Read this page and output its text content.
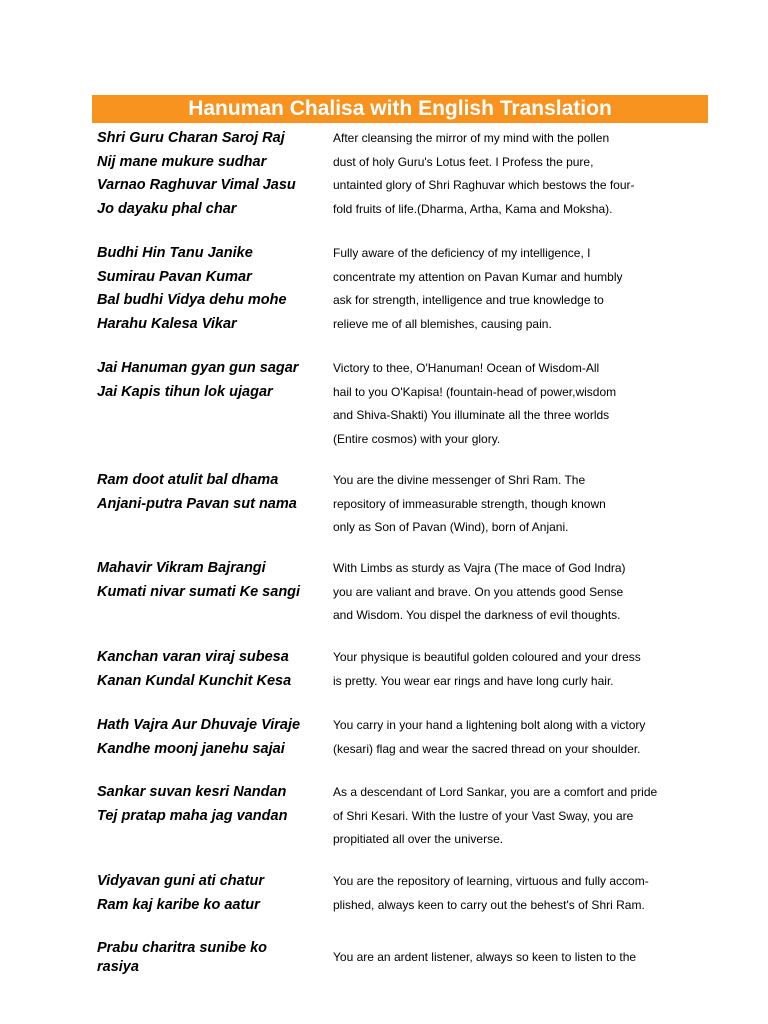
Hanuman Chalisa with English Translation
Shri Guru Charan Saroj Raj
Nij mane mukure sudhar
Varnao Raghuvar Vimal Jasu
Jo dayaku phal char
After cleansing the mirror of my mind with the pollen
dust of holy Guru's Lotus feet. I Profess the pure,
untainted glory of Shri Raghuvar which bestows the four-
fold fruits of life.(Dharma, Artha, Kama and Moksha).
Budhi Hin Tanu Janike
Sumirau Pavan Kumar
Bal budhi Vidya dehu mohe
Harahu Kalesa Vikar
Fully aware of the deficiency of my intelligence, I
concentrate my attention on Pavan Kumar and humbly
ask for strength, intelligence and true knowledge to
relieve me of all blemishes, causing pain.
Jai Hanuman gyan gun sagar
Jai Kapis tihun lok ujagar
Victory to thee, O'Hanuman! Ocean of Wisdom-All
hail to you O'Kapisa! (fountain-head of power,wisdom
and Shiva-Shakti) You illuminate all the three worlds
(Entire cosmos) with your glory.
Ram doot atulit bal dhama
Anjani-putra Pavan sut nama
You are the divine messenger of Shri Ram. The
repository of immeasurable strength, though known
only as Son of Pavan (Wind), born of Anjani.
Mahavir Vikram Bajrangi
Kumati nivar sumati Ke sangi
With Limbs as sturdy as Vajra (The mace of God Indra)
you are valiant and brave. On you attends good Sense
and Wisdom. You dispel the darkness of evil thoughts.
Kanchan varan viraj subesa
Kanan Kundal Kunchit Kesa
Your physique is beautiful golden coloured and your dress
is pretty. You wear ear rings and have long curly hair.
Hath Vajra Aur Dhuvaje Viraje
Kandhe moonj janehu sajai
You carry in your hand a lightening bolt along with a victory
(kesari) flag and wear the sacred thread on your shoulder.
Sankar suvan kesri Nandan
Tej pratap maha jag vandan
As a descendant of Lord Sankar, you are a comfort and pride
of Shri Kesari. With the lustre of your Vast Sway, you are
propitiated all over the universe.
Vidyavan guni ati chatur
Ram kaj karibe ko aatur
You are the repository of learning, virtuous and fully accom-
plished, always keen to carry out the behest's of Shri Ram.
Prabu charitra sunibe ko
rasiya
You are an ardent listener, always so keen to listen to the
